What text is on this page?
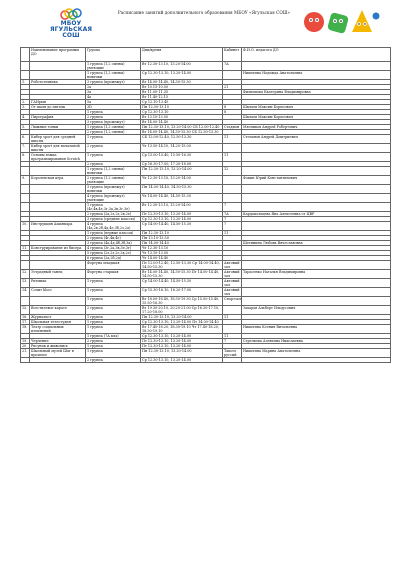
МБОУ
ЯГУЛЬСКАЯ
СОШ
Расписание занятий дополнительного образования МБОУ «Ягульская СОШ»
	Наименование программы ДО	Группа	Дни/время	Кабинет	Ф.И.О. педагога ДО
		1 группа (1,2 смены) умеющие	Вт 12.30-13.10, 13.20-14.00	7А	
		1 группа (1,2 смены) новички	Ср 12.30-13.10, 13.20-14.00		Никитина Надежда Анатольевна
1.	Робототехника	3 группа (промежут)	Вт 14.00-14.40, 14.50-15.30		
		2а	Вт 10.15-10.50	21	
		3а	Вт 11.00-11.35		Филиппова Екатерина Владимировна
		4а	Вт 11.40-12.15		
2.	ГАИрыи	5а	Ср 12.10-13.45		
3.	От шаля до пятачк	3D	Пн 12.30-13.10	8	Шклаев Максим Борисович
		1 группа	Ср 12.30-13.10	8	
4.	Пирография	2 группа	Вт 13.10-13.50		Шклаев Максим Борисович
		3 группа (промежут)	Вт 14.00-14.40		
5.	Лыжные гонки	1 группа (1,2 смены)	Пн 12.30-13.10, 13.20-14.00 СБ 12.00-12.40	Стадион	Мясников Андрей Робертович
		2 группа (1,2 смены)	Вт 14.00-14.40, 14.50-15.30 СБ 12.50-13.30		
6.	Кибер sport для средней школы	1 группа	СБ 12.00-12.40, 12.50-13.30	11	Степанов Андрей Дмитриевич
7.	Кибер sport для начальной школы	2 группа	Чт 13.50-14.10, 14.20-15.00		
8.	Основы языка программирования Scratch	1 группа	Ср 13.00-15.40, 15.50-16.30	11	
		2 группа	Ср 16.30-17.00, 17.20-18.00		
		1 группа (1,2 смены) новички	Пн 12.30-13.10, 13.20-14.00	12	
9.	Королевская игра	2 группа (1,2 смены) умеющие	Чт 12.30-13.10, 13.20-14.00		Фокин Юрий Константинович
		3 группа (промежут) новички	Пн 14.00-14.40, 14.50-15.30		
		4 группа (промежут) умеющие	Чт 14.00-14.40, 14.50-15.30		
		1 группа (4г,4в,4е,3г,3а,3в,3г,3е)	Вт 12.30-13.10, 13.20-14.00	7	
		2 группа (2а,2з,2г,2в,2е)	Пт 12.30-13.10, 13.20-14.00	7А	Кардапольцева Яна Алексеевна от ЦВР
		3 группа (средние классы)	Ср 12.30-13.10, 13.20-14.00	7	
10.	Инструкция Ашанпара	4 группа (4а,2в,2б,4д,4е,3б,2з,2а)	Ср 14.00-14.40, 14.50-15.30	7	
		1 группа (первые классы)	Пн 12.30-13.10	11	
		2 группа (4г,4в,4е)	Пн 13.10-13.50		
		3 группа (4а,4д,4б,3б,3а)	Пн 14.00-14.40		Щетинина Любовь Вячеславовна
11.	Конструирование из бисера	4 группа (3г,2а,3в,3е,3г)	Чт 12.30-13.10		
		5 группа (2з,2з,2г,2в,2е)	Чт 13.10-13.50		
		6 группа (2а,2б,2д)	Чт 14.00-14.40		
		Фортуна младшая	Пт 12.00-12.40, 12.50-13.30 Ср 14.00-14.40, 14.50-15.30	Актовый зал	
12.	Эстрадный танец	Фортуна старшая	Вт 14.00-14.40, 14.50-15.30 Пт 14.00-14.40, 14.50-15.30	Актовый зал	Тарасенко Наталья Владимировна
13.	Ритмика	1 группа	Ср 14.00-14.40, 14.50-15.30	Актовый зал	
14.	Сочит blocс	1 группа	Ср 15.30-16.10, 16.20-17.00	Актовый зал	
		1 группа	Вт 18.00-18.40, 18.50-19.30 Ср 15.00-15.40, 15.50-16.30	Спортзал	
15.	Всестилевое карате	2 группа	Вт 19.30-20.10, 20.20-21.00 Ср 16.30-17.10, 17.20-18.00		Захаров Альберт Ильдусович
16.	Журналист	1 группа	Пн 12.30-13.10, 13.20-14.00	11	
17.	Школьная телестудия	1 группа	Ср 12.30-13.10, 13.20-14.00 Пт 14.00-14.40		
18.	Театр социальных изменений	1 группа	Вт 17.40-18.20, 18.30-19.10 Чт 17.40-18.20, 18.30-19.10		Никитина Ксения Витальевна
		1 группа (7А кла)	Ср 12.30-13.10, 13.20-14.00	11	
19.	Черчение	2 группа	Пт 12.30-13.10, 13.20-14.00	7	Стрелкова Алевтина Николаевна
20.	Рисунок и живопись	1 группа	Пт 12.30-13.10, 13.20-14.00		
21.	Школьный музей Шаг в прошлое	1 группа	Пн 12.30-13.10, 13.20-14.00	Такого руссий	Никитина Марина Анатольевна
		2 группа	Ср 12.30-13.10, 13.20-14.00		
